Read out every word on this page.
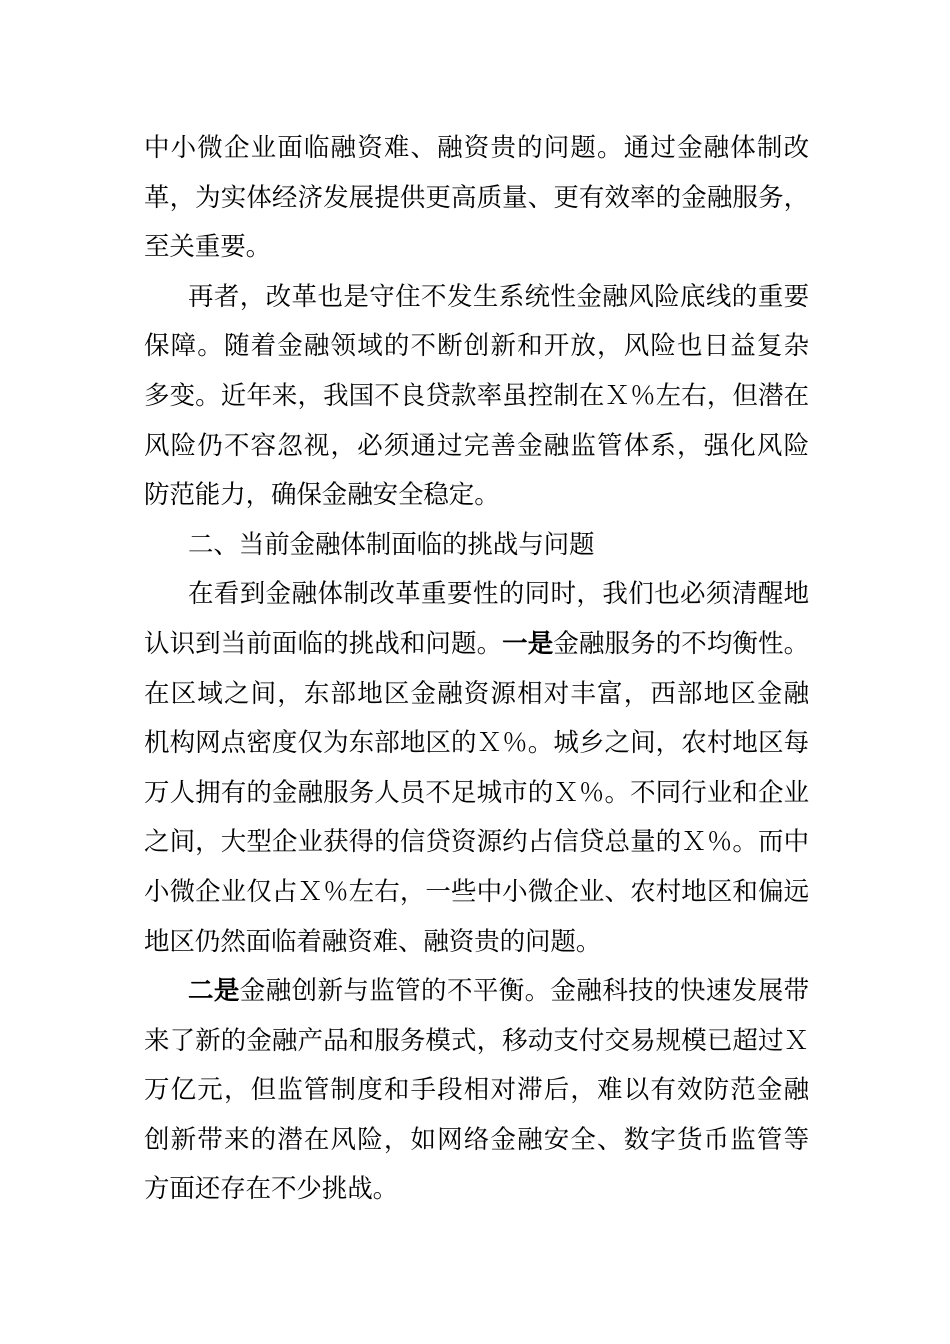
中小微企业面临融资难、融资贵的问题。通过金融体制改
革，为实体经济发展提供更高质量、更有效率的金融服务，
至关重要。
再者，改革也是守住不发生系统性金融风险底线的重要
保障。随着金融领域的不断创新和开放，风险也日益复杂
多变。近年来，我国不良贷款率虽控制在Ｘ％左右，但潜在
风险仍不容忽视，必须通过完善金融监管体系，强化风险
防范能力，确保金融安全稳定。
二、当前金融体制面临的挑战与问题
在看到金融体制改革重要性的同时，我们也必须清醒地
认识到当前面临的挑战和问题。一是金融服务的不均衡性。
在区域之间，东部地区金融资源相对丰富，西部地区金融
机构网点密度仅为东部地区的Ｘ％。城乡之间，农村地区每
万人拥有的金融服务人员不足城市的Ｘ％。不同行业和企业
之间，大型企业获得的信贷资源约占信贷总量的Ｘ％。而中
小微企业仅占Ｘ％左右，一些中小微企业、农村地区和偏远
地区仍然面临着融资难、融资贵的问题。
二是金融创新与监管的不平衡。金融科技的快速发展带
来了新的金融产品和服务模式，移动支付交易规模已超过Ｘ
万亿元，但监管制度和手段相对滞后，难以有效防范金融
创新带来的潜在风险，如网络金融安全、数字货币监管等
方面还存在不少挑战。
